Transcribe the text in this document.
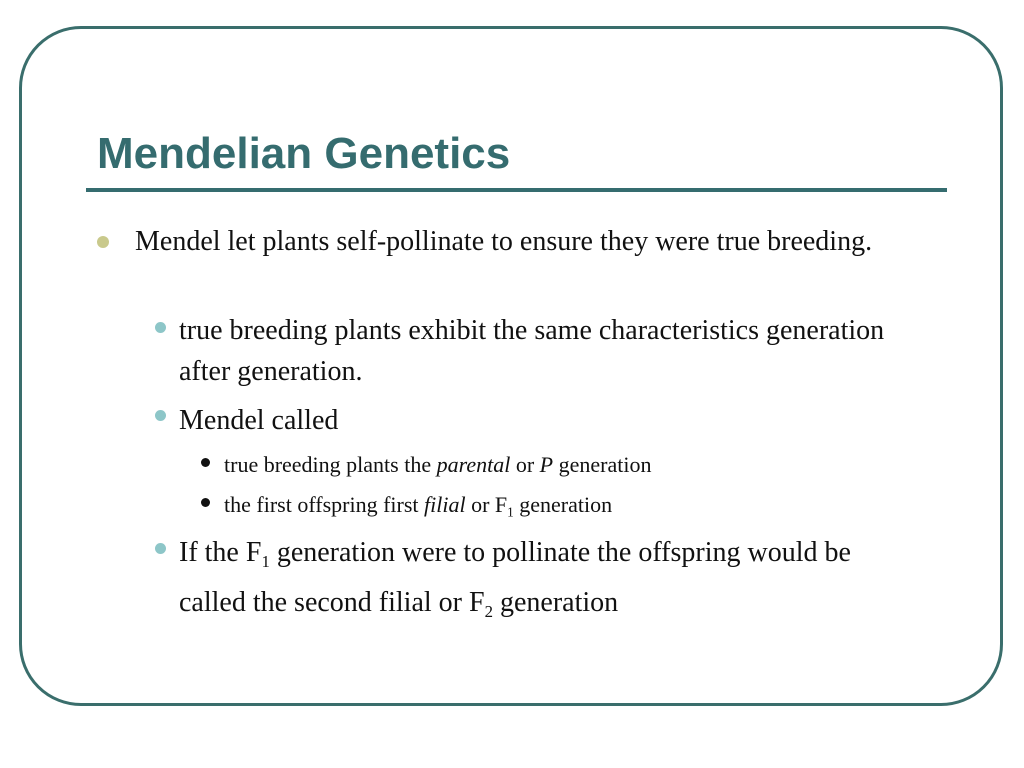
Mendelian Genetics

Mendel let plants self-pollinate to ensure they were true breeding.

true breeding plants exhibit the same characteristics generation after generation.

Mendel called

true breeding plants the parental or P generation

the first offspring first filial or $F_1$ generation

If the $F_1$ generation were to pollinate the offspring would be called the second filial or $F_2$ generation
